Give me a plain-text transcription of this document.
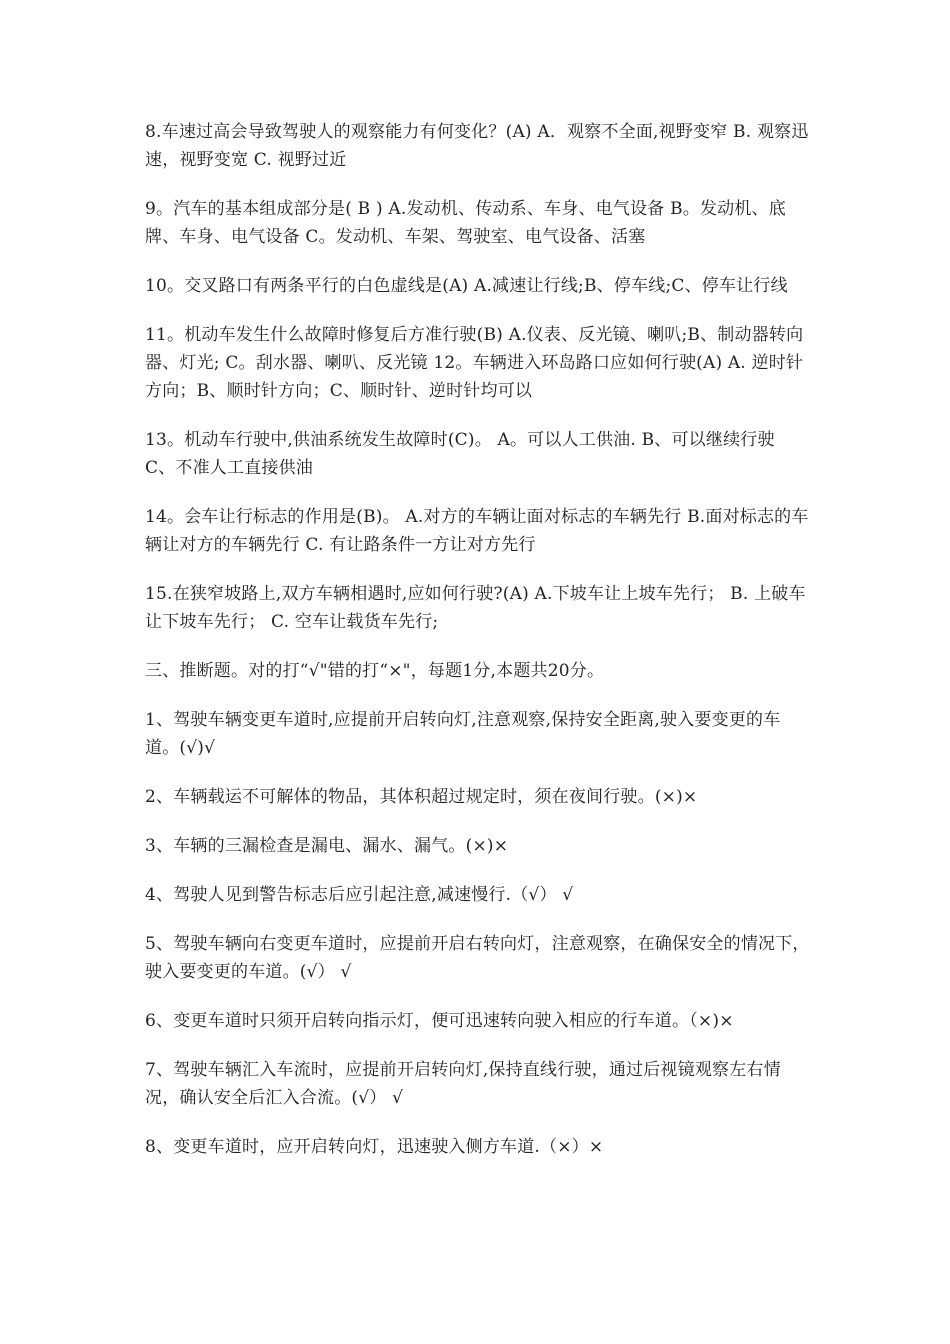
8.车速过高会导致驾驶人的观察能力有何变化？(A) A．观察不全面,视野变窄 B. 观察迅速，视野变宽 C. 视野过近

9。汽车的基本组成部分是( B ) A.发动机、传动系、车身、电气设备 B。发动机、底牌、车身、电气设备 C。发动机、车架、驾驶室、电气设备、活塞

10。交叉路口有两条平行的白色虚线是(A) A.减速让行线;B、停车线;C、停车让行线

11。机动车发生什么故障时修复后方准行驶(B) A.仪表、反光镜、喇叭;B、制动器转向器、灯光; C。刮水器、喇叭、反光镜 12。车辆进入环岛路口应如何行驶(A) A. 逆时针方向；B、顺时针方向；C、顺时针、逆时针均可以

13。机动车行驶中,供油系统发生故障时(C)。 A。可以人工供油. B、可以继续行驶 C、不准人工直接供油

14。会车让行标志的作用是(B)。 A.对方的车辆让面对标志的车辆先行 B.面对标志的车辆让对方的车辆先行 C. 有让路条件一方让对方先行

15.在狭窄坡路上,双方车辆相遇时,应如何行驶?(A) A.下坡车让上坡车先行； B. 上破车让下坡车先行； C. 空车让载货车先行;

三、推断题。对的打“√"错的打“×"，每题1分,本题共20分。

1、驾驶车辆变更车道时,应提前开启转向灯,注意观察,保持安全距离,驶入要变更的车道。(√)√

2、车辆载运不可解体的物品，其体积超过规定时，须在夜间行驶。(×)×

3、车辆的三漏检查是漏电、漏水、漏气。(×)×

4、驾驶人见到警告标志后应引起注意,减速慢行.（√） √

5、驾驶车辆向右变更车道时，应提前开启右转向灯，注意观察，在确保安全的情况下，驶入要变更的车道。(√） √

6、变更车道时只须开启转向指示灯，便可迅速转向驶入相应的行车道。（×)×

7、驾驶车辆汇入车流时，应提前开启转向灯,保持直线行驶，通过后视镜观察左右情况，确认安全后汇入合流。(√） √

8、变更车道时，应开启转向灯，迅速驶入侧方车道.（×）×
